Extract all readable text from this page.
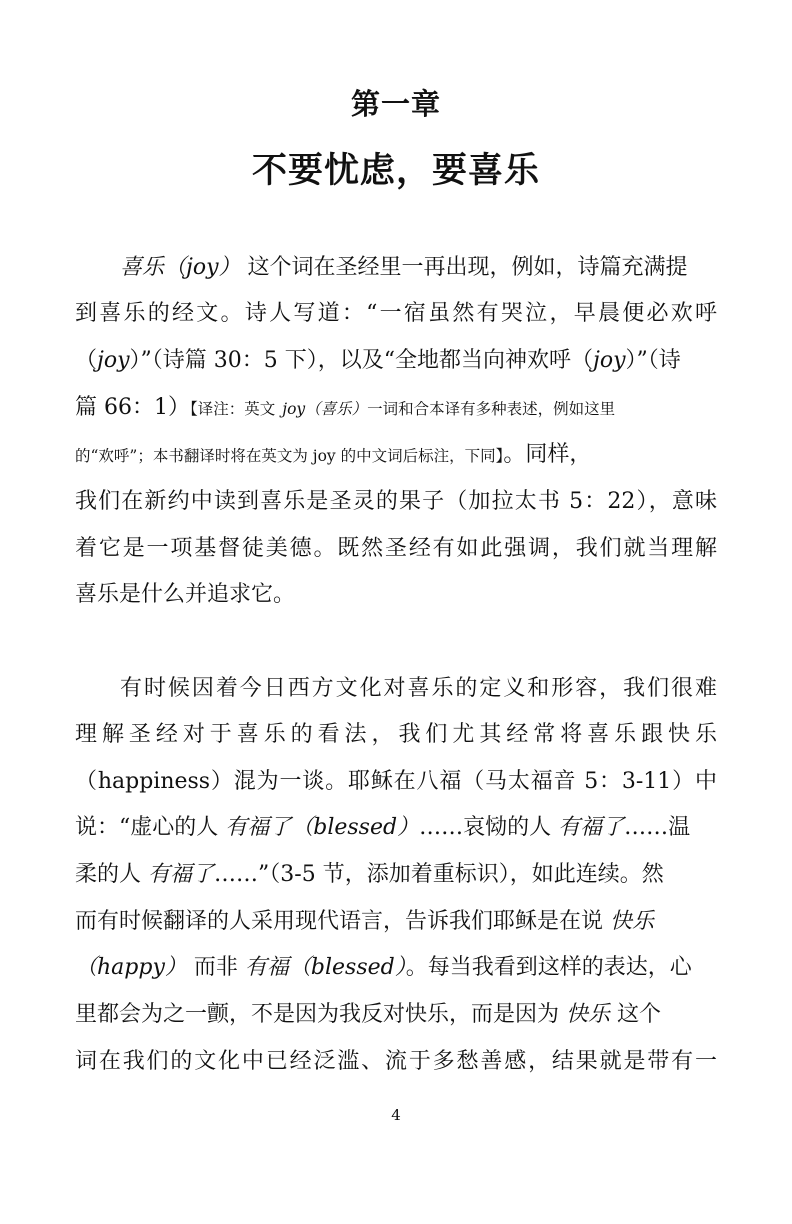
第一章
不要忧虑，要喜乐
喜乐（joy） 这个词在圣经里一再出现，例如，诗篇充满提
到喜乐的经文。诗人写道：“一宿虽然有哭泣，早晨便必欢呼
（joy）”（诗篇 30：5 下），以及“全地都当向神欢呼（joy）”（诗
篇 66：1）【译注：英文 joy（喜乐）一词和合本译有多种表述，例如这里
的“欢呼”；本书翻译时将在英文为 joy 的中文词后标注，下同】。同样，
我们在新约中读到喜乐是圣灵的果子（加拉太书 5：22），意味
着它是一项基督徒美德。既然圣经有如此强调，我们就当理解
喜乐是什么并追求它。
有时候因着今日西方文化对喜乐的定义和形容，我们很难
理解圣经对于喜乐的看法，我们尤其经常将喜乐跟快乐
（happiness）混为一谈。耶稣在八福（马太福音 5：3-11）中
说：“虚心的人 有福了（blessed）……哀恸的人 有福了……温
柔的人 有福了……”（3-5 节，添加着重标识），如此连续。然
而有时候翻译的人采用现代语言，告诉我们耶稣是在说 快乐
（happy） 而非 有福（blessed）。每当我看到这样的表达，心
里都会为之一颤，不是因为我反对快乐，而是因为 快乐 这个
词在我们的文化中已经泛滥、流于多愁善感，结果就是带有一
4
